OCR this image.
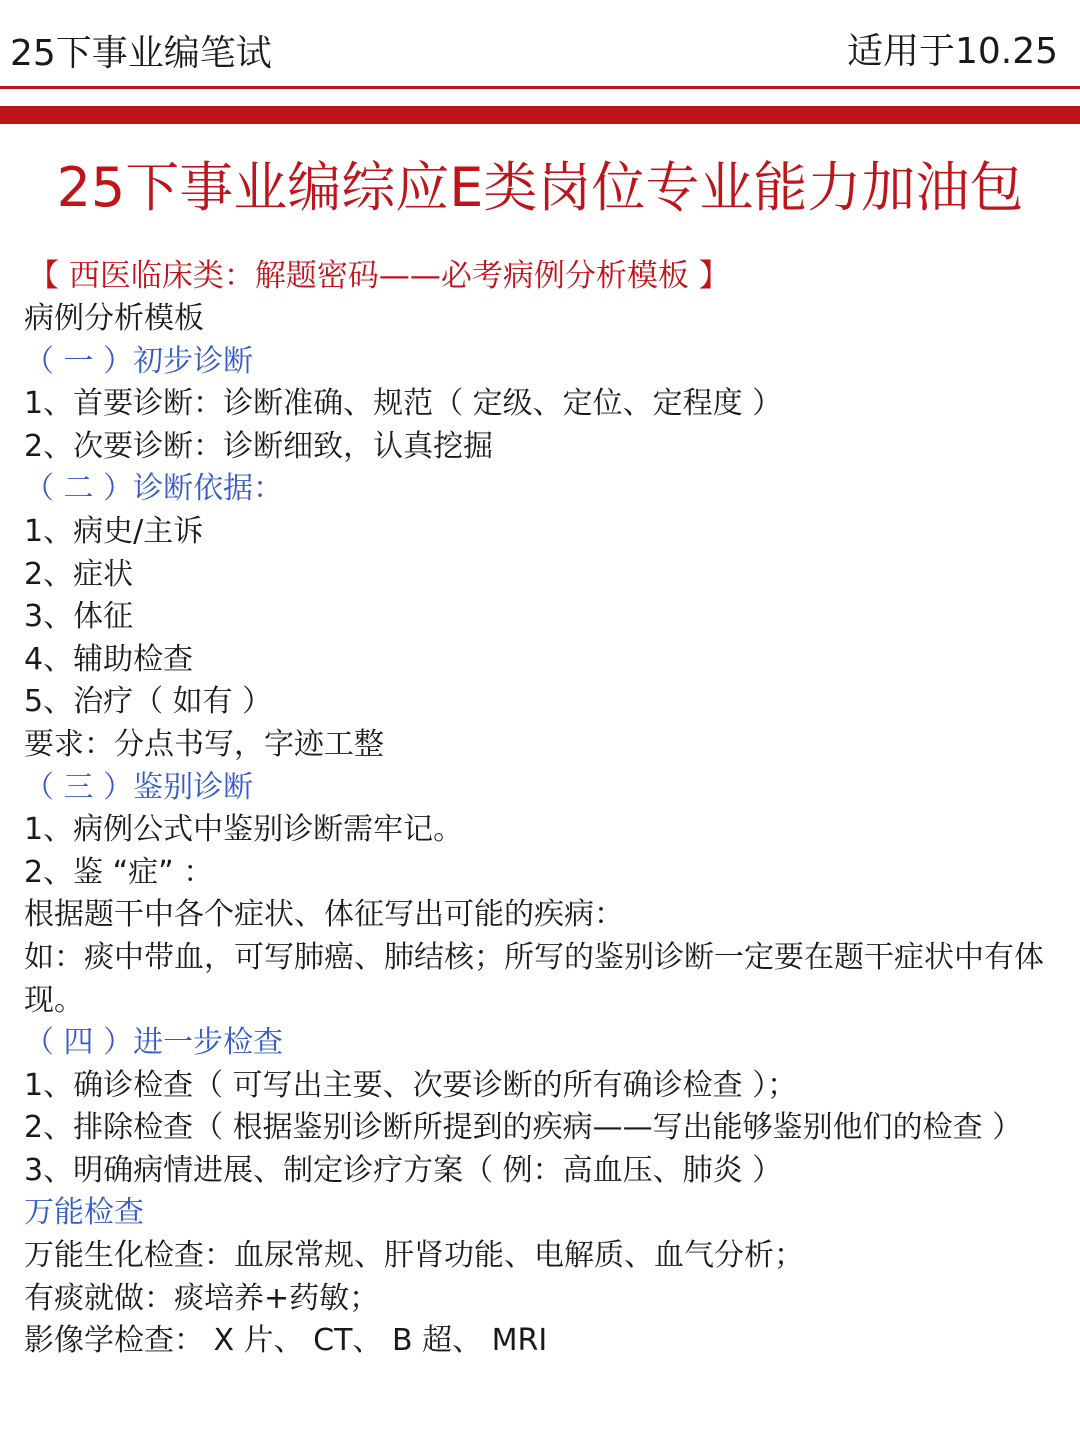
25下事业编笔试	适用于10.25
25下事业编综应E类岗位专业能力加油包
【 西医临床类：解题密码——必考病例分析模板 】
病例分析模板
（ 一 ）初步诊断
1、首要诊断：诊断准确、规范（ 定级、定位、定程度 ）
2、次要诊断：诊断细致，认真挖掘
（ 二 ）诊断依据：
1、病史/主诉
2、症状
3、体征
4、辅助检查
5、治疗（ 如有 ）
要求：分点书写，字迹工整
（ 三 ）鉴别诊断
1、病例公式中鉴别诊断需牢记。
2、鉴 “症” ：
根据题干中各个症状、体征写出可能的疾病：
如：痰中带血，可写肺癌、肺结核；所写的鉴别诊断一定要在题干症状中有体现。
（ 四 ）进一步检查
1、确诊检查（ 可写出主要、次要诊断的所有确诊检查 ）；
2、排除检查（ 根据鉴别诊断所提到的疾病——写出能够鉴别他们的检查 ）
3、明确病情进展、制定诊疗方案（ 例：高血压、肺炎 ）
万能检查
万能生化检查：血尿常规、肝肾功能、电解质、血气分析；
有痰就做：痰培养+药敏；
影像学检查： X 片、 CT、 B 超、 MRI
